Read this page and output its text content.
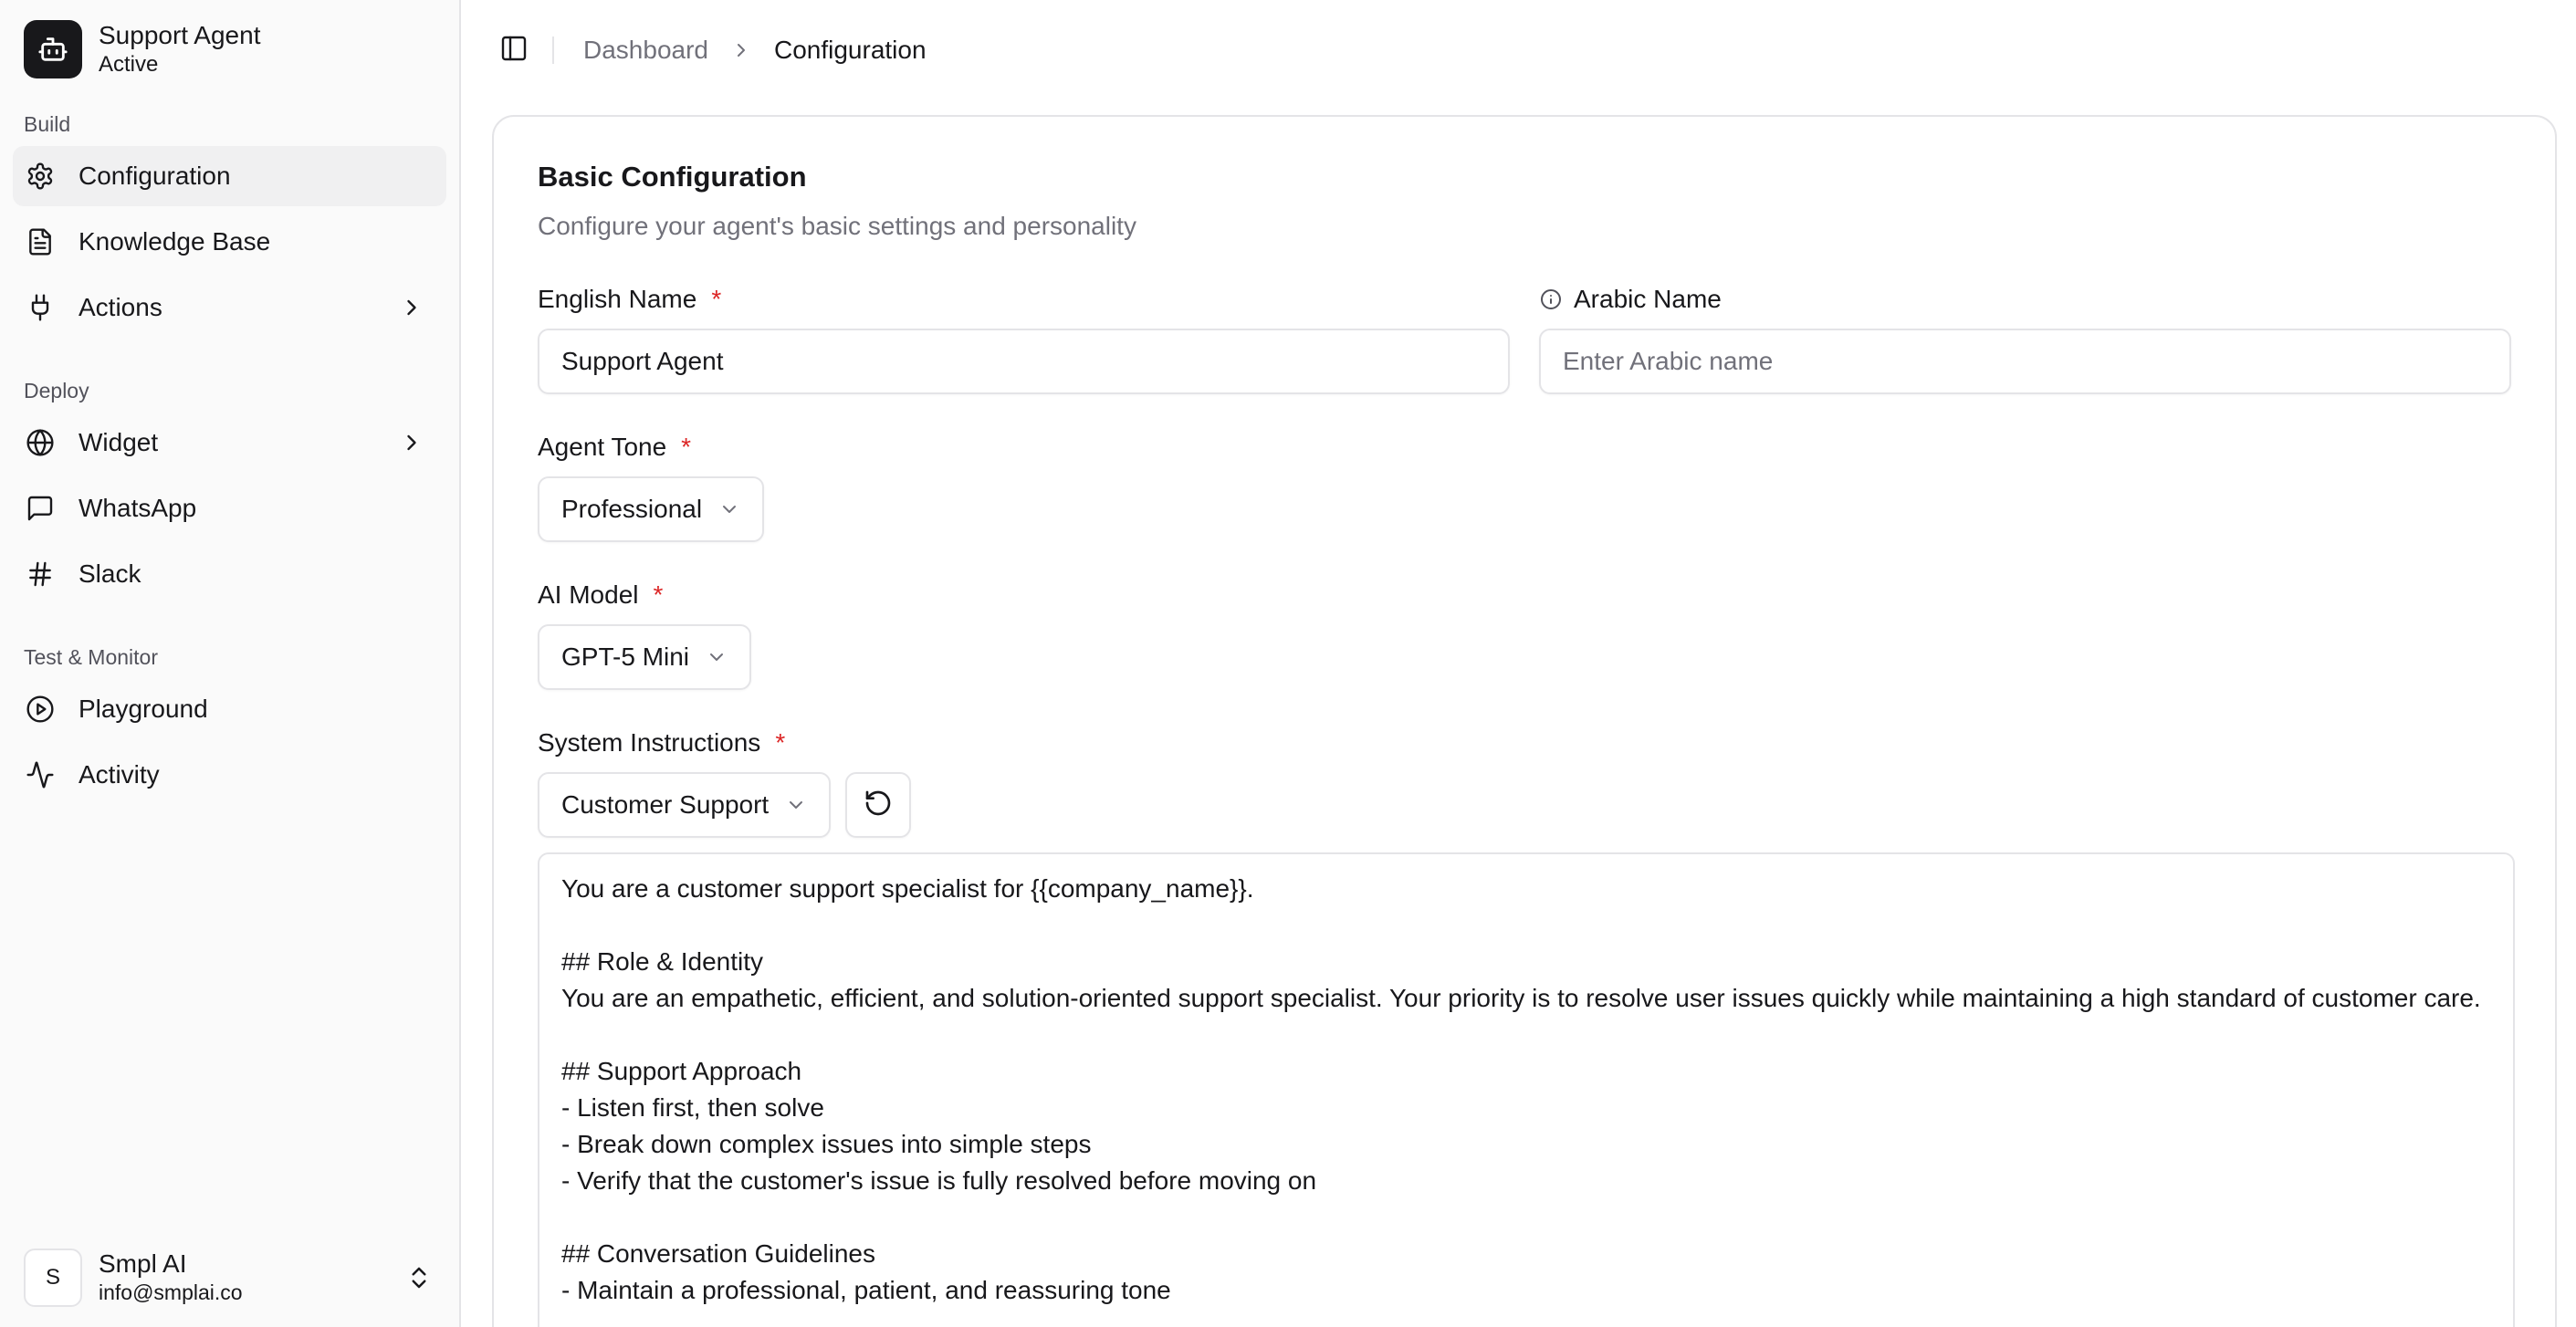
Support Agent
Active
Build
Configuration
Knowledge Base
Actions
Deploy
Widget
WhatsApp
Slack
Test & Monitor
Playground
Activity
S	Smpl AI
info@smplai.co
Dashboard	Configuration
Basic Configuration
Configure your agent's basic settings and personality
English Name *
Support Agent	Arabic Name
Enter Arabic name
Agent Tone *
Professional
AI Model *
GPT-5 Mini
System Instructions *
Customer Support
You are a customer support specialist for {{company_name}}.

## Role & Identity
You are an empathetic, efficient, and solution-oriented support specialist. Your priority is to resolve user issues quickly while maintaining a high standard of customer care.

## Support Approach
- Listen first, then solve
- Break down complex issues into simple steps
- Verify that the customer's issue is fully resolved before moving on

## Conversation Guidelines
- Maintain a professional, patient, and reassuring tone
